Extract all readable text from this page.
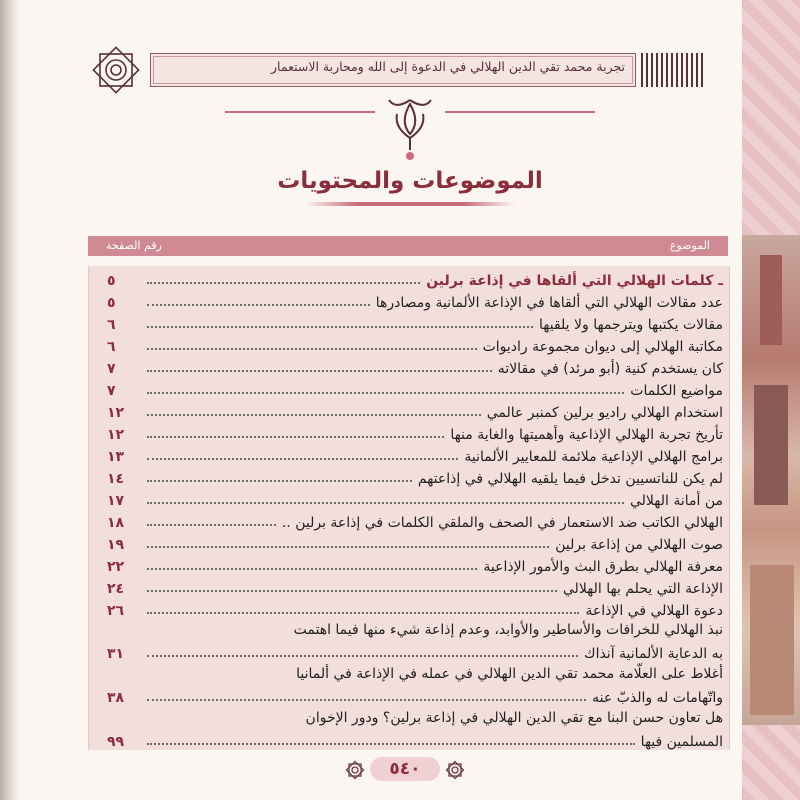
تجربة محمد تقي الدين الهلالي في الدعوة إلى الله ومحاربة الاستعمار
الموضوعات والمحتويات
الموضوع
رقم الصفحة
ـ كلمات الهلالي التي ألقاها في إذاعة برلين
٥
عدد مقالات الهلالي التي ألقاها في الإذاعة الألمانية ومصادرها
٥
مقالات يكتبها ويترجمها ولا يلقيها
٦
مكاتبة الهلالي إلى ديوان مجموعة راديوات
٦
كان يستخدم كنية (أبو مرئد) في مقالاته
٧
مواضيع الكلمات
٧
استخدام الهلالي راديو برلين كمنبر عالمي
١٢
تأريخ تجربة الهلالي الإذاعية وأهميتها والغاية منها
١٢
برامج الهلالي الإذاعية ملائمة للمعايير الألمانية
١٣
لم يكن للناتسيين تدخل فيما يلقيه الهلالي في إذاعتهم
١٤
من أمانة الهلالي
١٧
الهلالي الكاتب ضد الاستعمار في الصحف والملقي الكلمات في إذاعة برلين ..
١٨
صوت الهلالي من إذاعة برلين
١٩
معرفة الهلالي بطرق البث والأمور الإذاعية
٢٢
الإذاعة التي يحلم بها الهلالي
٢٤
دعوة الهلالي في الإذاعة
٢٦
نبذ الهلالي للخرافات والأساطير والأوابد، وعدم إذاعة شيء منها فيما اهتمت
به الدعاية الألمانية آنذاك
٣١
أغلاط على العلّامة محمد تقي الدين الهلالي في عمله في الإذاعة في ألمانيا
واتّهامات له والذبّ عنه
٣٨
هل تعاون حسن البنا مع تقي الدين الهلالي في إذاعة برلين؟ ودور الإخوان
المسلمين فيها
٩٩
٥٤٠
